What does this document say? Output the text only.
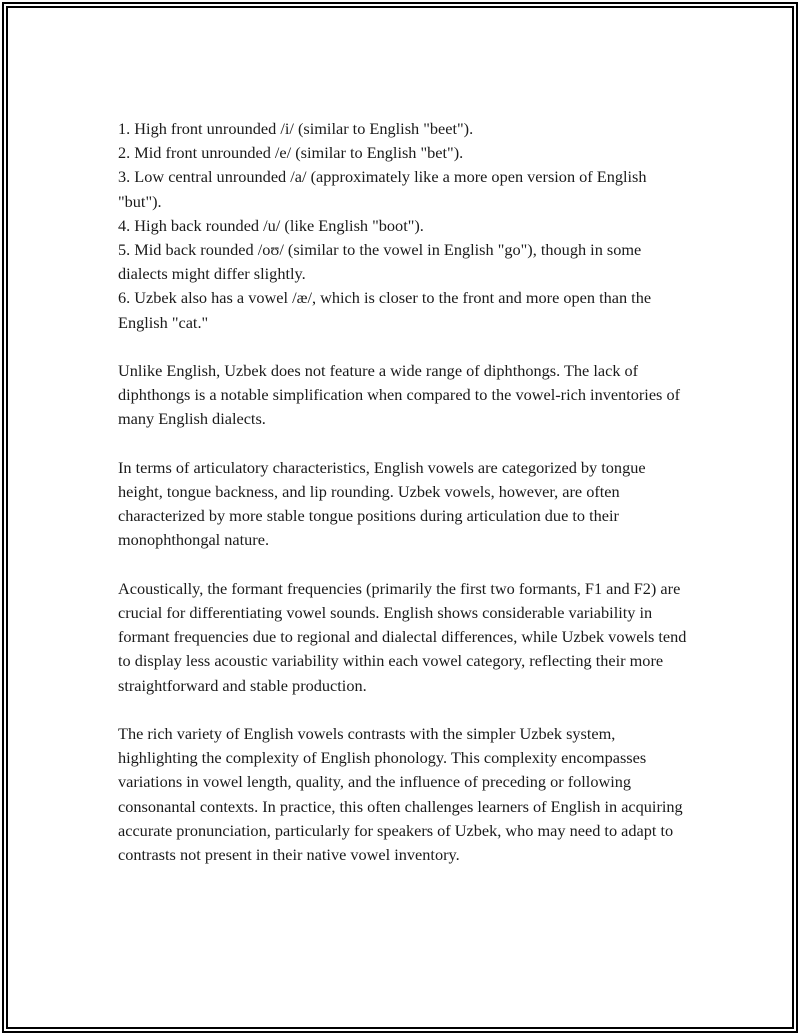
1. High front unrounded /i/ (similar to English "beet").

2. Mid front unrounded /e/ (similar to English "bet").

3. Low central unrounded /a/ (approximately like a more open version of English "but").

4. High back rounded /u/ (like English "boot").

5. Mid back rounded /oʊ/ (similar to the vowel in English "go"), though in some dialects might differ slightly.

6. Uzbek also has a vowel /æ/, which is closer to the front and more open than the English "cat."

Unlike English, Uzbek does not feature a wide range of diphthongs. The lack of diphthongs is a notable simplification when compared to the vowel-rich inventories of many English dialects.

In terms of articulatory characteristics, English vowels are categorized by tongue height, tongue backness, and lip rounding. Uzbek vowels, however, are often characterized by more stable tongue positions during articulation due to their monophthongal nature.

Acoustically, the formant frequencies (primarily the first two formants, F1 and F2) are crucial for differentiating vowel sounds. English shows considerable variability in formant frequencies due to regional and dialectal differences, while Uzbek vowels tend to display less acoustic variability within each vowel category, reflecting their more straightforward and stable production.

The rich variety of English vowels contrasts with the simpler Uzbek system, highlighting the complexity of English phonology. This complexity encompasses variations in vowel length, quality, and the influence of preceding or following consonantal contexts. In practice, this often challenges learners of English in acquiring accurate pronunciation, particularly for speakers of Uzbek, who may need to adapt to contrasts not present in their native vowel inventory.
